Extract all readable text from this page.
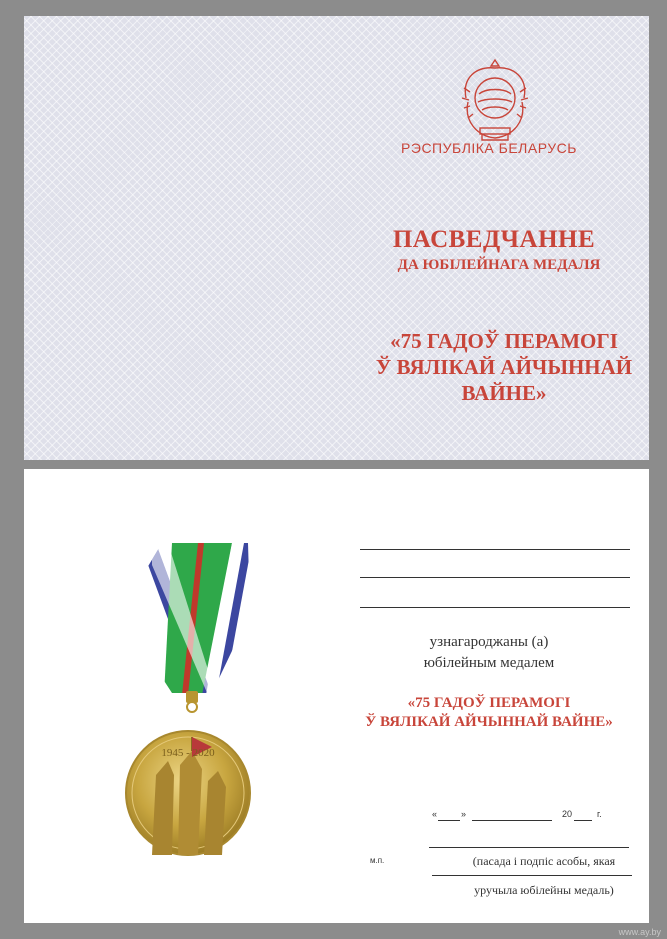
РЭСПУБЛІКА БЕЛАРУСЬ
ПАСВЕДЧАННЕ
ДА ЮБІЛЕЙНАГА МЕДАЛЯ
«75 ГАДОЎ ПЕРАМОГІ
Ў ВЯЛІКАЙ АЙЧЫННАЙ ВАЙНЕ»
1945 - 2020
узнагароджаны (а)
юбілейным медалем
«75 ГАДОЎ ПЕРАМОГІ
Ў ВЯЛІКАЙ АЙЧЫННАЙ ВАЙНЕ»
«	»	20	г.
м.п.	(пасада і подпіс асобы, якая
уручыла юбілейны медаль)
www.ay.by
